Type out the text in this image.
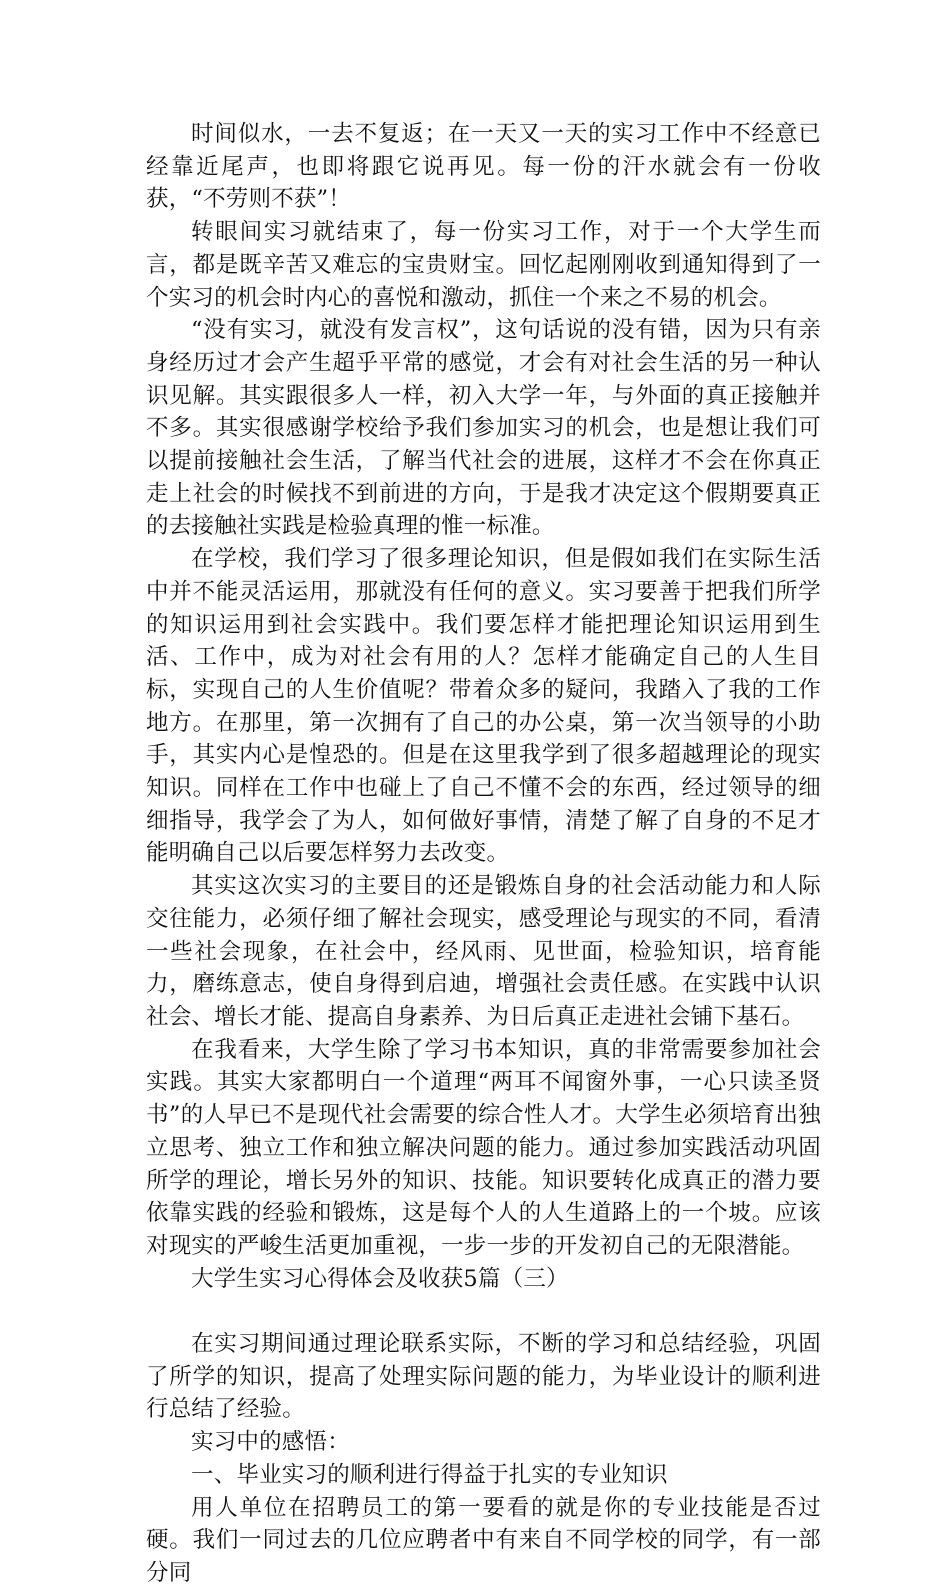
时间似水，一去不复返；在一天又一天的实习工作中不经意已经靠近尾声，也即将跟它说再见。每一份的汗水就会有一份收获，“不劳则不获”！

转眼间实习就结束了，每一份实习工作，对于一个大学生而言，都是既辛苦又难忘的宝贵财宝。回忆起刚刚收到通知得到了一个实习的机会时内心的喜悦和激动，抓住一个来之不易的机会。

“没有实习，就没有发言权”，这句话说的没有错，因为只有亲身经历过才会产生超乎平常的感觉，才会有对社会生活的另一种认识见解。其实跟很多人一样，初入大学一年，与外面的真正接触并不多。其实很感谢学校给予我们参加实习的机会，也是想让我们可以提前接触社会生活，了解当代社会的进展，这样才不会在你真正走上社会的时候找不到前进的方向，于是我才决定这个假期要真正的去接触社实践是检验真理的惟一标准。

在学校，我们学习了很多理论知识，但是假如我们在实际生活中并不能灵活运用，那就没有任何的意义。实习要善于把我们所学的知识运用到社会实践中。我们要怎样才能把理论知识运用到生活、工作中，成为对社会有用的人？怎样才能确定自己的人生目标，实现自己的人生价值呢？带着众多的疑问，我踏入了我的工作地方。在那里，第一次拥有了自己的办公桌，第一次当领导的小助手，其实内心是惶恐的。但是在这里我学到了很多超越理论的现实知识。同样在工作中也碰上了自己不懂不会的东西，经过领导的细细指导，我学会了为人，如何做好事情，清楚了解了自身的不足才能明确自己以后要怎样努力去改变。

其实这次实习的主要目的还是锻炼自身的社会活动能力和人际交往能力，必须仔细了解社会现实，感受理论与现实的不同，看清一些社会现象，在社会中，经风雨、见世面，检验知识，培育能力，磨练意志，使自身得到启迪，增强社会责任感。在实践中认识社会、增长才能、提高自身素养、为日后真正走进社会铺下基石。

在我看来，大学生除了学习书本知识，真的非常需要参加社会实践。其实大家都明白一个道理“两耳不闻窗外事，一心只读圣贤书”的人早已不是现代社会需要的综合性人才。大学生必须培育出独立思考、独立工作和独立解决问题的能力。通过参加实践活动巩固所学的理论，增长另外的知识、技能。知识要转化成真正的潜力要依靠实践的经验和锻炼，这是每个人的人生道路上的一个坡。应该对现实的严峻生活更加重视，一步一步的开发初自己的无限潜能。

大学生实习心得体会及收获5篇（三）

在实习期间通过理论联系实际，不断的学习和总结经验，巩固了所学的知识，提高了处理实际问题的能力，为毕业设计的顺利进行总结了经验。

实习中的感悟：

一、毕业实习的顺利进行得益于扎实的专业知识

用人单位在招聘员工的第一要看的就是你的专业技能是否过硬。我们一同过去的几位应聘者中有来自不同学校的同学，有一部分同
